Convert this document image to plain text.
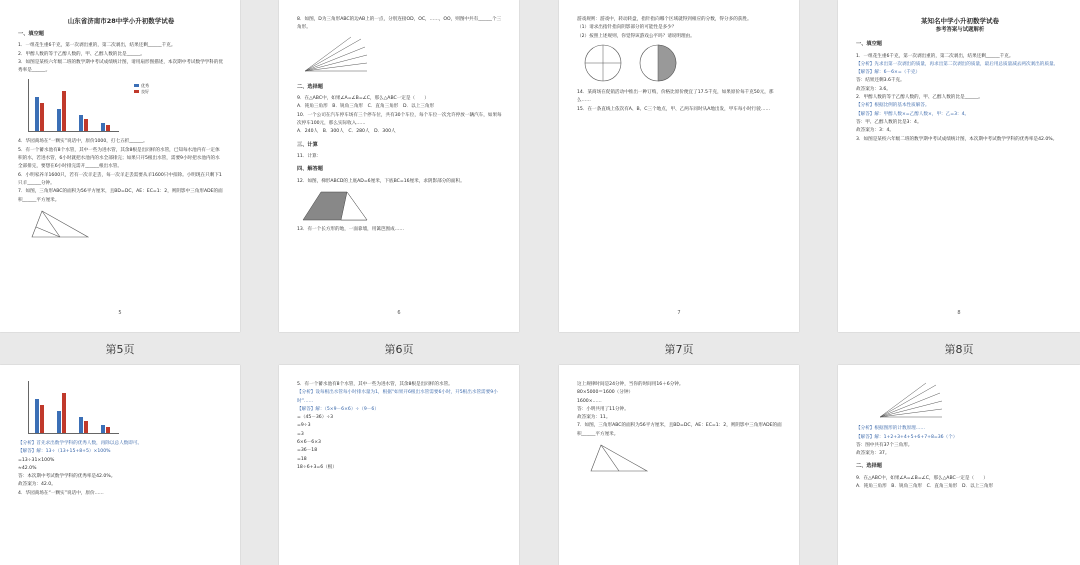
山东省济南市28中学小升初数学试卷
一、填空题
1．一组花生重6千克，第一次剥出重的，第二次剥出，结果还剩______千克。
2．甲醇人数的等于乙醇人数的，甲、乙醇人数的比是______。
3．如图是某校六年级二班的数学期中考试成绩统计图，请用扇形图描述，本次期中考试数学学科的优秀率是______。
优秀
良好
4．华园商场在“一颗实”说话中，原价1000，打七五折______。
5．有一个蓄水池有8个水管，其中一些为进水管，其余8根是出同样的水管，已知每水池内有一定体积的水，若进水管，6小时就把水池内的水全部排完；如果只开5根出水管，需要9小时把水池内的水全部排完，要想在6小时排完需开______根出水管。
6．小明家养羊1600只，若有一次羊走丢，每一次羊走丢需要从羊1600只中扣除。小明现在只剩下1只羊______分钟。
7．如图，三角形ABC的面积为56平方厘米，且BD=DC，AE：EC=1：2，则阴影中三角形ADE的面积______平方厘米。
5
第5页
8．如图，D为三角形ABC的边AB上的一点，分别连接OD，OC，……，OO，则图中共有______个三角形。
二、选择题
9．在△ABC中，如果∠A=∠B=∠C，那么△ABC一定是（　　）
A．钝角三角形　B．锐角三角形　C．直角三角形　D．以上三角形
10．一个公司在汽车停车场有三个停车位，共有30个车位，每个车位一次允许停放一辆汽车，如果每次停车100元，那么实际收入……
A．240人　B．300人　C．280人　D．300人
三、计算
11．计算：
四、解答题
12．如图，梯形ABCD的上底AD=6厘米，下底BC=16厘米，求阴影部分的面积。
13．有一个长方形的地，一面靠墙，用篱笆围成……
6
第6页
游戏规则：游戏中，转动转盘，指针指向哪个区域就得到相应的分数，得分多的获胜。
（1）请求出指针指向阴影部分的可能性是多少？
（2）按照上述规则，你觉得该游戏公平吗？请说明理由。
14．某商场在促销活动中推出一种订购，价格比原价便宜了17.5千克，如果原价每千克50元，那么……
15．在一条直线上依次有A、B、C三个地点，甲、乙两车同时从A地出发，甲车每小时行驶……
7
第7页
某知名中学小升初数学试卷
参考答案与试题解析
一、填空题
1．一组花生重6千克，第一次剥出重的，第二次剥出，结果还剩______千克。
【分析】先求出第一次剥出的质量，再求出第二次剥出的质量，最后用总质量减去两次剥出的质量。
【解答】解：6－6×=（千克）
答：结果还剩3.6千克。
故答案为：3.6。
2．甲醇人数的等于乙醇人数的，甲、乙醇人数的比是______。
【分析】根据比例的基本性质解答。
【解答】解：甲醇人数×=乙醇人数×，甲：乙=3：4。
答：甲、乙醇人数的比是3：4。
故答案为：3：4。
3．如图是某校六年级二班的数学期中考试成绩统计图，本次期中考试数学学科的优秀率是42.0%。
8
第8页
【分析】首先求出数学学科的优秀人数，再除以总人数即可。
【解答】解：13÷（13+15+8+5）×100%
=13÷31×100%
≈42.0%
答：本次期中考试数学学科的优秀率是42.0%。
故答案为：42.0。
4．华园商场在“一颗实”说话中，原价……
5．有一个蓄水池有8个水管，其中一些为进水管，其余8根是出同样的水管。
【分析】设每根出水管每小时排水量为1，根据“如果开6根出水管需要6小时，开5根出水管需要9小时”……
【解答】解：（5×9－6×6）÷（9－6）
=（45－36）÷3
=9÷3
=3
6×6－6×3
=36－18
=18
18÷6+3=6（根）
这上规律时间是24分钟，当你的时间用16＋6分钟。
80×5000＝1600（分钟）
1600×……
答：小明共用了11分钟。
故答案为：11。
7．如图，三角形ABC的面积为56平方厘米，且BD=DC，AE：EC=1：2，则阴影中三角形ADE的面积______平方厘米。
【分析】根据图形的计数原理……
【解答】解：1+2+3+4+5+6+7+8=36（个）
答：图中共有37个三角形。
故答案为：37。
二、选择题
9．在△ABC中，如果∠A=∠B=∠C，那么△ABC一定是（　　）
A．钝角三角形　B．锐角三角形　C．直角三角形　D．以上三角形
